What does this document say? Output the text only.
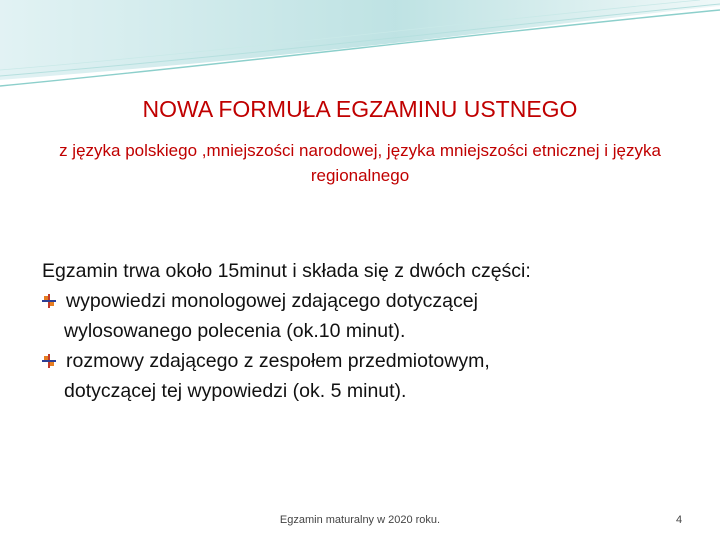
NOWA FORMUŁA EGZAMINU USTNEGO

z języka polskiego ,mniejszości narodowej, języka mniejszości etnicznej i języka regionalnego

Egzamin trwa około 15minut i składa się z dwóch części:

wypowiedzi monologowej zdającego dotyczącej
wylosowanego polecenia (ok.10 minut).
rozmowy zdającego z zespołem przedmiotowym,
dotyczącej tej wypowiedzi (ok. 5 minut).
Egzamin maturalny w 2020 roku.	4
